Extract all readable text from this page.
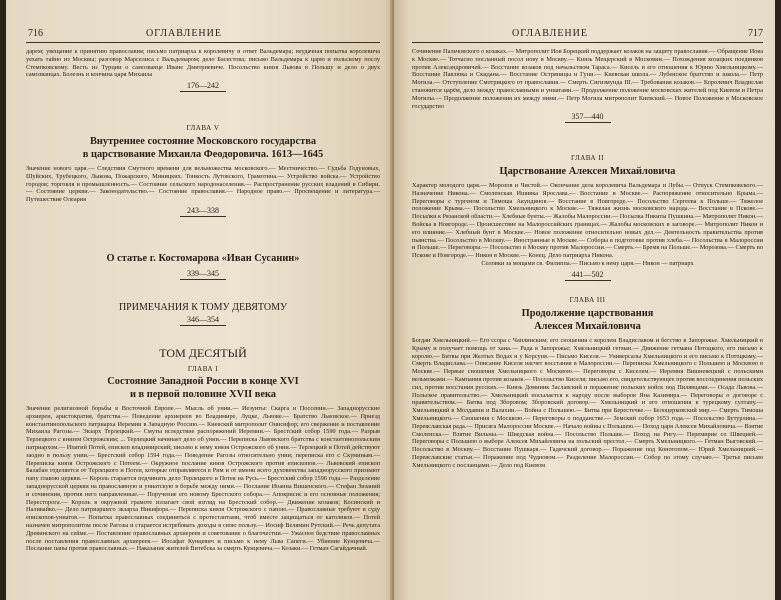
716	ОГЛАВЛЕНИЕ

дарем; увещание к принятию православия; письмо патриарха к королевичу и ответ Вальдемара; неудачная попытка королевича уехать тайно из Москвы; разговор Марселиса с Вальдемаром; дело Басистова; письмо Вальдемара к царю и польскому послу Стемпковскому. Весть из Турции о самозванце Иване Дмитриевиче. Посольство князя Львова в Польшу и дело о двух самозванцах. Болезнь и кончина царя Михаила

176—242

ГЛАВА V

Внутреннее состояние Московского государства

в царствование Михаила Феодоровича. 1613—1645

Значение нового царя.— Следствия Смутного времени для вельможества московского.— Местничество.— Судьба Годуновых, Шуйских, Трубецкого, Лыкова, Пожарского, Миницких. Тонкость Лутовского, Грамотина.— Устройство войска.— Устройство городов; торговля и промышленность.— Состояние сельского народонаселения.— Распространение русских владений в Сибири.— Состояние церкви.— Законодательство.— Состояние православия.— Народное право.— Просвещение и литература.— Путешествие Олеария

243—338

О статье г. Костомарова «Иван Сусанин»

339—345

ПРИМЕЧАНИЯ К ТОМУ ДЕВЯТОМУ

346—354

ТОМ ДЕСЯТЫЙ

ГЛАВА I

Состояние Западной России в конце XVI

и в первой половине XVII века

Значение религиозной борьбы в Восточной Европе.— Мысль об унии.— Иезуиты: Скарга и Поссевин.— Западнорусские архиереи, аристократия, братства.— Поведение архиереев во Владимире, Луцке, Львове.— Братство Львовское.— Приезд константинопольского патриарха Иеремии в Западную Россию.— Киевский митрополит Онисифор; его свержение и поставление Михаила Рагозы.— Экзарх Терлецкий.— Смуты вследствие распоряжений Иеремии.— Брестский собор 1590 года.— Разрыв Терлецкого с князем Острожским; ... Терлецкий начинает дело об унии.— Переписка Львовского братства с константинопольским патриархом.— Ипатий Потей, епископ владимирский; письмо к нему князя Острожского об унии.— Терлецкий и Потей действуют заодно в пользу унии.— Брестский собор 1594 года.— Поведение Рагозы относительно унии; переписка его с Скуминым.— Переписка князя Острожского с Потеем.— Окружное послание князя Острожского против епископов.— Львовский епископ Балабан отделяется от Терлецкого и Потея, которые отправляются в Рим и от имени всего духовенства западнорусского признают папу главою церкви.— Король старается подчинить дело Терлецкого и Потея на Русь.— Брестский собор 1596 года.— Разделение западнорусской церкви на православную и униатскую в борьбе между ними.— Послание Иоанна Вишенского.— Стефан Зизаний и сочинения, против него направленные.— Поручение его новому Брестского собора.— Апокрисис и его основные положения; Пересторога.— Король в окружной грамоте излагает свой взгляд на Брестский собор.— Движение козаков; Косинский и Наливайко.— Дело патриаршего экзарха Никифора.— Переписка князя Острожского с папою.— Православные требуют в суду епископов-униатов.— Попытка православных соединиться с протестантами, чтоб вместе защищаться от католиков.— Потей назначен митрополитом после Рагозы и старается истребовать доходы в свою пользу.— Иосиф Велямин Рутский.— Речь депутата Древинского на сейме.— Поставление православных архиереев и советование о благочестии.— Ужасное бедствие православных после поставления православных архиереев.— Иосафат Кунцевич и письмо к нему Льва Сапеги.— Убиение Кунцевича.— Послание папы против православных.— Наказание жителей Витебска за смерть Кунцевича.— Козаки.— Гетман Сагайдачный.

ОГЛАВЛЕНИЕ	717

Сочинение Пальчовского о козаках.— Митрополит Иов Борецкий поддержает козаков на защиту православия.— Обращение Иова к Москве.— Тотчасно посланный посол иову в Москву.— Князь Мещерский в Московии.— Похождения козацких поединков против Александровичей.— Восстание козаков под начальством Тараса.— Кисель и его отношения к Юрию Хмельницкому.— Восстание Павлюка и Скидана.— Восстание Остряницы и Гуни.— Киевская школа.— Лубенское братство и школа.— Петр Могила.— Отступление Смотрицкого от православия.— Смерть Сигизмунда III.— Требования козаков.— Королевич Владислав становится царём, дело между православными и униатами.— Продолжение положение московских жителей под Киевом и Петра Могилы.— Продолжение положения их между ними.— Петр Могила митрополит Киевский.— Новое Положение в Московское государство

357—440

ГЛАВА II

Царствование Алексея Михайловича

Характер молодого царя.— Морозов и Чистой.— Окончание дела королевича Вальдемара и Лубы.— Отпуск Стемпковского.— Назначение Никона.— Смоленская Ишивка Ярослава.— Восстание в Москве.— Распоряжение относительно Крыма.— Переговоры с тургеном и Тимоша Акундинов.— Восстание в Новгороде.— Посольство Сергеева к Польше.— Тяжелое положение Крыма.— Посольство Хмельницкого к Москве.— Тяжелая жизнь московского народа.— Восстание в Пскове.— Посылки к Рязанской области.— Хлебные бунты.— Жалобы Малороссии.— Посылка Никиты Пушкина.— Митрополит Никон.— Войска в Новгороде.— Происшествие на Малороссийских границах.— Жалобы московских в заговоре.— Митрополит Никон и его влияние.— Хлебный бунт в Москве.— Новое положение относительно новых дел.— Деятельность правительства против пьянства.— Посольство в Москву.— Иностранные в Москве.— Соборы в подготовке против хлеба.— Посольства в Малороссии и Польше.— Переговоры.— Посольство в Москву против Малороссии.— Смерть.— Бремя на Польше.— Морозова.— Смерть во Пскове и Новгороде.— Никон в Москве.— Конец. Дело патриарха Никона.

Соловки за мощами св. Филиппа.— Письмо к нему царя.— Никон — патриарх

441—502

ГЛАВА III

Продолжение царствования

Алексея Михайловича

Богдан Хмельницкий.— Его ссора с Чаплинским; его сношения с королем Владиславом и бегство в Запорожье. Хмельницкий в Крыму и получает помощь от хана.— Рада в Запорожье; Хмельницкий гетман.— Движение гетмана Потоцкого, его письмо к королю.— Битвы при Желтых Водах и у Корсуня.— Письмо Киселя.— Универсалы Хмельницкого и его письмо к Потоцкому.— Смерть Владислава.— Описание Киселя насчет восстания в Малороссии.— Переписка Хмельницкого с Польшею и Москвою в Москве.— Первые сношения Хмельницкого с Москвою.— Переговоры с Киселем.— Иеремия Вишневецкий с польскими вельможами.— Кампания против козаков.— Посольство Киселя; письмо его, свидетельствующее против воссоединения польских сил, против восстания русских.— Князь Доминик Заславский и поражение польских войск под Пилявцами.— Осада Львова.— Польское правительство.— Хмельницкий посылается к народу после выборов Яна Казимира.— Переговоры о договоре с правительством.— Битва под Зборовом; Зборовский договор.— Хмельницкий и его отношения к турецкому султану.— Хмельницкий в Молдавии и Валахии.— Война с Польшею.— Битва при Берестечке.— Белоцерковский мир.— Смерть Тимоша Хмельницкого.— Сношения с Москвою.— Переговоры о подданстве.— Земский собор 1653 года.— Посольство Бутурлина.— Переяславская рада.— Присяга Малороссии Москве.— Начало войны с Польшею.— Поход царя Алексея Михайловича.— Взятие Смоленска.— Взятие Вильны.— Шведская война.— Посольство Польши.— Поход на Ригу.— Перемирие со Швецией.— Переговоры с Польшею о выборе Алексея Михайловича на польский престол.— Смерть Хмельницкого.— Гетман Выговский.— Посольство в Москву.— Восстание Пушкаря.— Гадячский договор.— Поражение под Конотопом.— Юрий Хмельницкий.— Переяславские статьи.— Поражение под Чудновом.— Разделение Малороссии.— Собор по этому случаю.— Третье письмо Хмельницкого с посланцами.— Дело под Киевом
